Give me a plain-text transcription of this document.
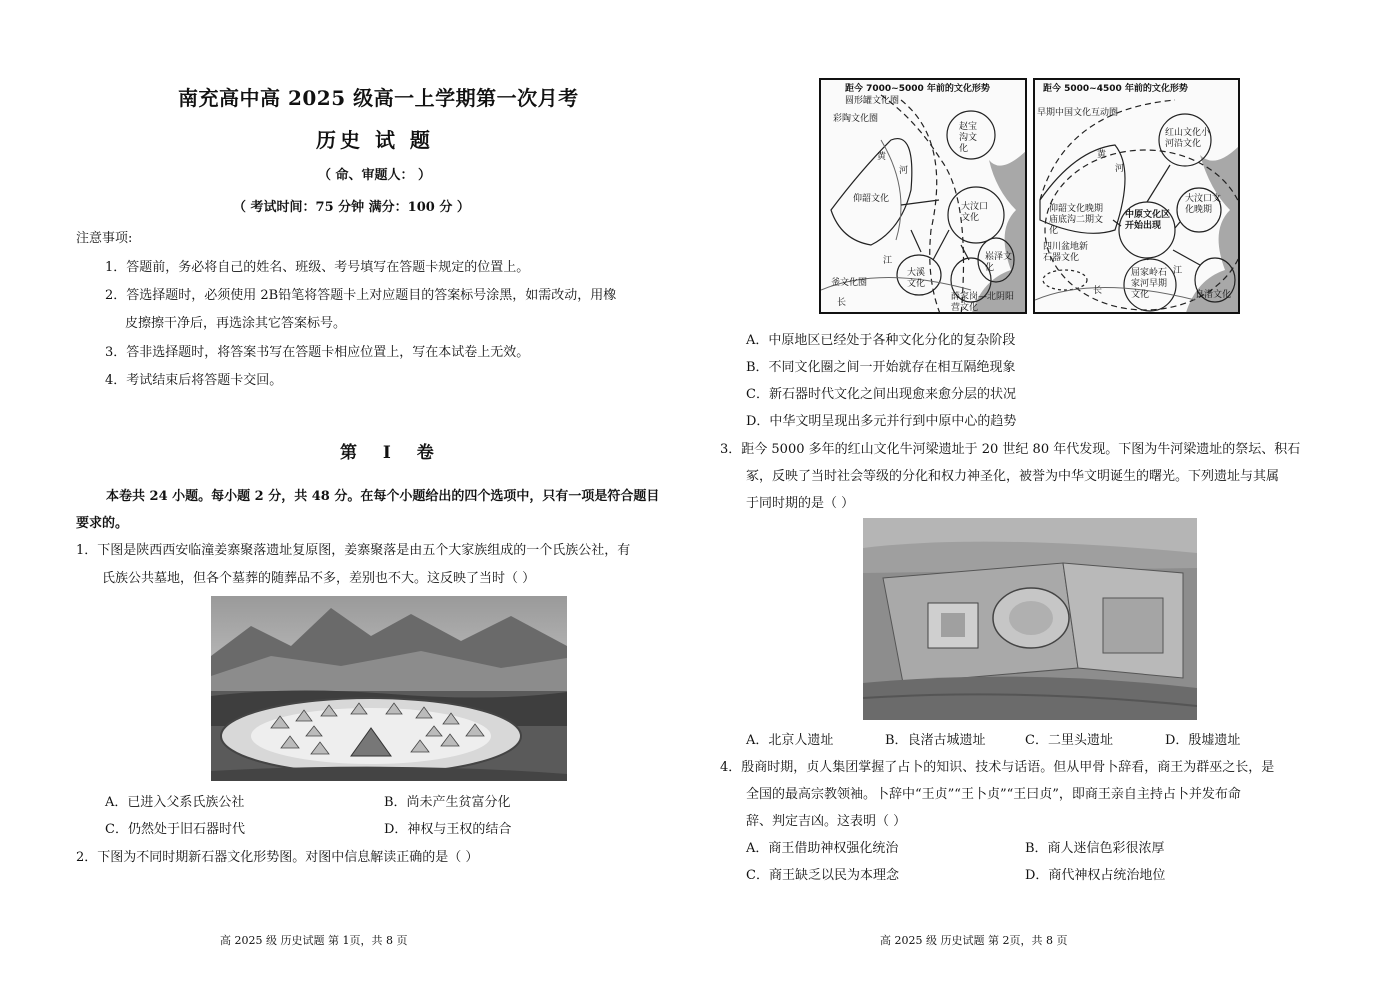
南充高中高 2025 级高一上学期第一次月考
历史 试 题
（ 命、审题人： ）
（ 考试时间：75 分钟 满分：100 分 ）
注意事项:
1．答题前，务必将自己的姓名、班级、考号填写在答题卡规定的位置上。
2．答选择题时，必须使用 2B铅笔将答题卡上对应题目的答案标号涂黑，如需改动，用橡
皮擦擦干净后，再选涂其它答案标号。
3．答非选择题时，将答案书写在答题卡相应位置上，写在本试卷上无效。
4．考试结束后将答题卡交回。
第 I 卷
本卷共 24 小题。每小题 2 分，共 48 分。在每个小题给出的四个选项中，只有一项是符合题目
要求的。
1．下图是陕西西安临潼姜寨聚落遗址复原图，姜寨聚落是由五个大家族组成的一个氏族公社，有
氏族公共墓地，但各个墓葬的随葬品不多，差别也不大。这反映了当时（ ）
A．已进入父系氏族公社	B．尚未产生贫富分化
C．仍然处于旧石器时代	D．神权与王权的结合
2．下图为不同时期新石器文化形势图。对图中信息解读正确的是（ ）
高 2025 级 历史试题 第 1页，共 8 页
距今 7000~5000 年前的文化形势
圆形罐文化圈
彩陶文化圈
赵宝沟文化
黄
河
仰韶文化
大汶口文化
崧泽文化
大溪文化
江
釜文化圈
长
薛家岗—北阴阳营文化
距今 5000~4500 年前的文化形势
早期中国文化互动圈
红山文化小河沿文化
黄
河
大汶口文化晚期
仰韶文化晚期庙底沟二期文化
中原文化区开始出现
四川盆地新石器文化
长
屈家岭石家河早期文化
江
良渚文化
A．中原地区已经处于各种文化分化的复杂阶段
B．不同文化圈之间一开始就存在相互隔绝现象
C．新石器时代文化之间出现愈来愈分层的状况
D．中华文明呈现出多元并行到中原中心的趋势
3．距今 5000 多年的红山文化牛河梁遗址于 20 世纪 80 年代发现。下图为牛河梁遗址的祭坛、积石
冢，反映了当时社会等级的分化和权力神圣化，被誉为中华文明诞生的曙光。下列遗址与其属
于同时期的是（ ）
A．北京人遗址	B．良渚古城遗址	C．二里头遗址	D．殷墟遗址
4．殷商时期，贞人集团掌握了占卜的知识、技术与话语。但从甲骨卜辞看，商王为群巫之长，是
全国的最高宗教领袖。卜辞中“王贞”“王卜贞”“王曰贞”，即商王亲自主持占卜并发布命
辞、判定吉凶。这表明（ ）
A．商王借助神权强化统治	B．商人迷信色彩很浓厚
C．商王缺乏以民为本理念	D．商代神权占统治地位
高 2025 级 历史试题 第 2页，共 8 页
